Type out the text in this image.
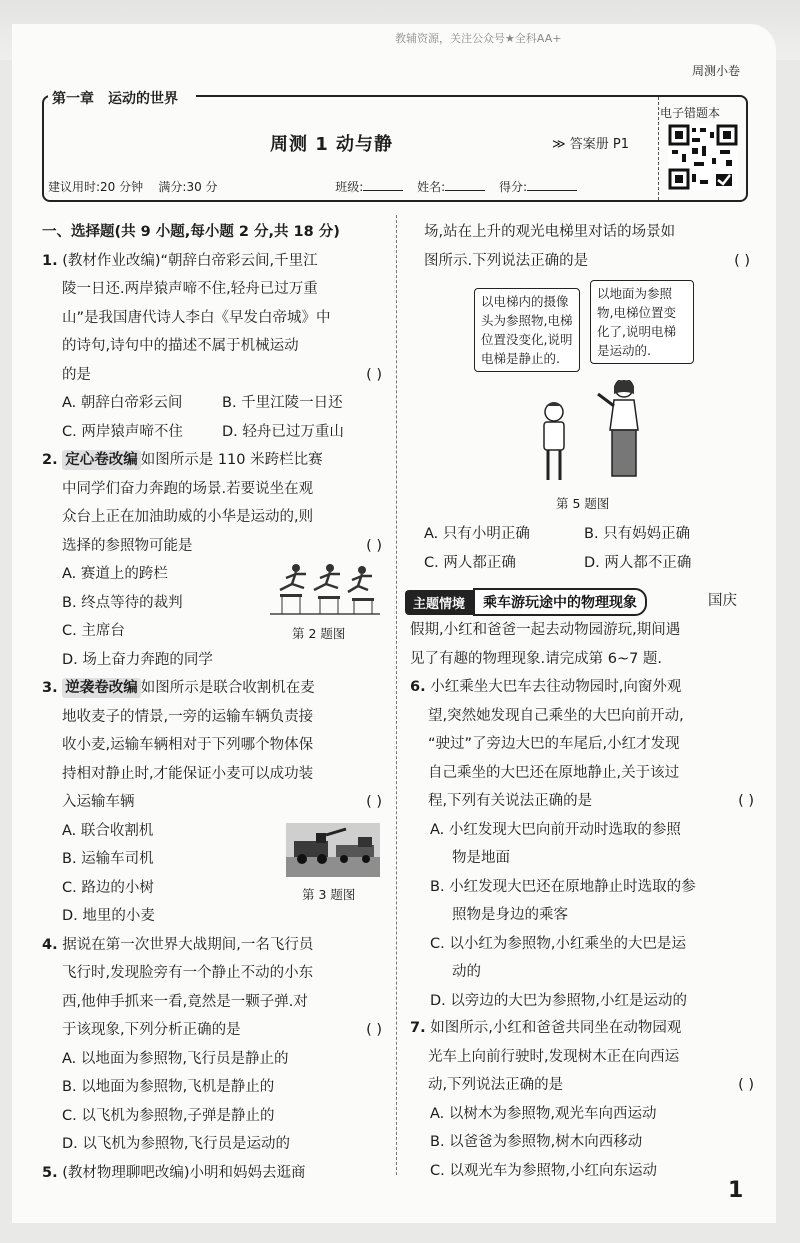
教辅资源，关注公众号★全科AA+
周测小卷
第一章 运动的世界
周测 1 动与静	≫ 答案册 P1
电子错题本
建议用时:20 分钟 满分:30 分	班级:	姓名:	得分:
一、选择题(共 9 小题,每小题 2 分,共 18 分)
1. (教材作业改编)“朝辞白帝彩云间,千里江
陵一日还.两岸猿声啼不住,轻舟已过万重
山”是我国唐代诗人李白《早发白帝城》中
的诗句,诗句中的描述不属于机械运动
的是	( )
A. 朝辞白帝彩云间	B. 千里江陵一日还
C. 两岸猿声啼不住	D. 轻舟已过万重山
2. 定心卷改编 如图所示是 110 米跨栏比赛
中同学们奋力奔跑的场景.若要说坐在观
众台上正在加油助威的小华是运动的,则
选择的参照物可能是	( )
A. 赛道上的跨栏
B. 终点等待的裁判
C. 主席台
D. 场上奋力奔跑的同学
第 2 题图
3. 逆袭卷改编 如图所示是联合收割机在麦
地收麦子的情景,一旁的运输车辆负责接
收小麦,运输车辆相对于下列哪个物体保
持相对静止时,才能保证小麦可以成功装
入运输车辆	( )
A. 联合收割机
B. 运输车司机
C. 路边的小树
D. 地里的小麦
第 3 题图
4. 据说在第一次世界大战期间,一名飞行员
飞行时,发现脸旁有一个静止不动的小东
西,他伸手抓来一看,竟然是一颗子弹.对
于该现象,下列分析正确的是	( )
A. 以地面为参照物,飞行员是静止的
B. 以地面为参照物,飞机是静止的
C. 以飞机为参照物,子弹是静止的
D. 以飞机为参照物,飞行员是运动的
5. (教材物理聊吧改编)小明和妈妈去逛商
场,站在上升的观光电梯里对话的场景如
图所示.下列说法正确的是	( )
以电梯内的摄像头为参照物,电梯位置没变化,说明电梯是静止的.
以地面为参照物,电梯位置变化了,说明电梯是运动的.
第 5 题图
A. 只有小明正确	B. 只有妈妈正确
C. 两人都正确	D. 两人都不正确
主题情境	乘车游玩途中的物理现象	国庆
假期,小红和爸爸一起去动物园游玩,期间遇
见了有趣的物理现象.请完成第 6~7 题.
6. 小红乘坐大巴车去往动物园时,向窗外观
望,突然她发现自己乘坐的大巴向前开动,
“驶过”了旁边大巴的车尾后,小红才发现
自己乘坐的大巴还在原地静止,关于该过
程,下列有关说法正确的是	( )
A. 小红发现大巴向前开动时选取的参照
物是地面
B. 小红发现大巴还在原地静止时选取的参
照物是身边的乘客
C. 以小红为参照物,小红乘坐的大巴是运
动的
D. 以旁边的大巴为参照物,小红是运动的
7. 如图所示,小红和爸爸共同坐在动物园观
光车上向前行驶时,发现树木正在向西运
动,下列说法正确的是	( )
A. 以树木为参照物,观光车向西运动
B. 以爸爸为参照物,树木向西移动
C. 以观光车为参照物,小红向东运动
1
